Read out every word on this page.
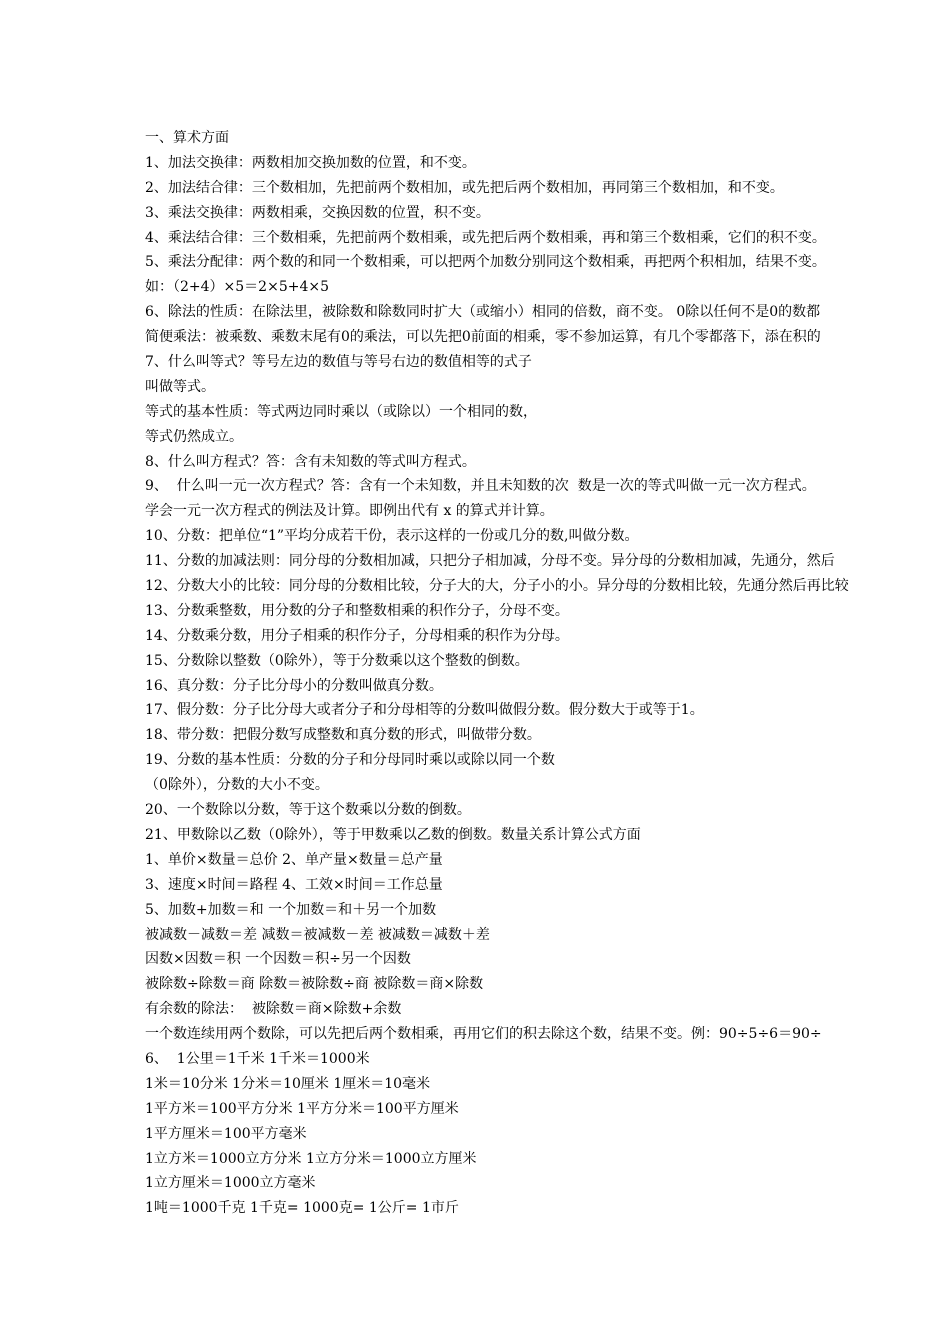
一、算术方面
1、加法交换律：两数相加交换加数的位置，和不变。
2、加法结合律：三个数相加，先把前两个数相加，或先把后两个数相加，再同第三个数相加，和不变。
3、乘法交换律：两数相乘，交换因数的位置，积不变。
4、乘法结合律：三个数相乘，先把前两个数相乘，或先把后两个数相乘，再和第三个数相乘，它们的积不变。
5、乘法分配律：两个数的和同一个数相乘，可以把两个加数分别同这个数相乘，再把两个积相加，结果不变。
如：（2+4）×5＝2×5+4×5
6、除法的性质：在除法里，被除数和除数同时扩大（或缩小）相同的倍数，商不变。 0除以任何不是0的数都
简便乘法：被乘数、乘数末尾有0的乘法，可以先把0前面的相乘，零不参加运算，有几个零都落下，添在积的
7、什么叫等式？等号左边的数值与等号右边的数值相等的式子
叫做等式。
等式的基本性质：等式两边同时乘以（或除以）一个相同的数，
等式仍然成立。
8、什么叫方程式？答：含有未知数的等式叫方程式。
9、  什么叫一元一次方程式？答：含有一个未知数，并且未知数的次  数是一次的等式叫做一元一次方程式。
学会一元一次方程式的例法及计算。即例出代有 x 的算式并计算。
10、分数：把单位“1”平均分成若干份，表示这样的一份或几分的数,叫做分数。
11、分数的加减法则：同分母的分数相加减，只把分子相加减，分母不变。异分母的分数相加减，先通分，然后
12、分数大小的比较：同分母的分数相比较，分子大的大，分子小的小。异分母的分数相比较，先通分然后再比较
13、分数乘整数，用分数的分子和整数相乘的积作分子，分母不变。
14、分数乘分数，用分子相乘的积作分子，分母相乘的积作为分母。
15、分数除以整数（0除外），等于分数乘以这个整数的倒数。
16、真分数：分子比分母小的分数叫做真分数。
17、假分数：分子比分母大或者分子和分母相等的分数叫做假分数。假分数大于或等于1。
18、带分数：把假分数写成整数和真分数的形式，叫做带分数。
19、分数的基本性质：分数的分子和分母同时乘以或除以同一个数
（0除外），分数的大小不变。
20、一个数除以分数，等于这个数乘以分数的倒数。
21、甲数除以乙数（0除外），等于甲数乘以乙数的倒数。数量关系计算公式方面
1、单价×数量＝总价 2、单产量×数量＝总产量
3、速度×时间＝路程 4、工效×时间＝工作总量
5、加数+加数＝和 一个加数＝和＋另一个加数
被减数－减数＝差 减数＝被减数－差 被减数＝减数＋差
因数×因数＝积 一个因数＝积÷另一个因数
被除数÷除数＝商 除数＝被除数÷商 被除数＝商×除数
有余数的除法：  被除数＝商×除数+余数
一个数连续用两个数除，可以先把后两个数相乘，再用它们的积去除这个数，结果不变。例：90÷5÷6＝90÷
6、  1公里＝1千米 1千米＝1000米
1米＝10分米 1分米＝10厘米 1厘米＝10毫米
1平方米＝100平方分米 1平方分米＝100平方厘米
1平方厘米＝100平方毫米
1立方米＝1000立方分米 1立方分米＝1000立方厘米
1立方厘米＝1000立方毫米
1吨＝1000千克 1千克= 1000克= 1公斤= 1市斤
